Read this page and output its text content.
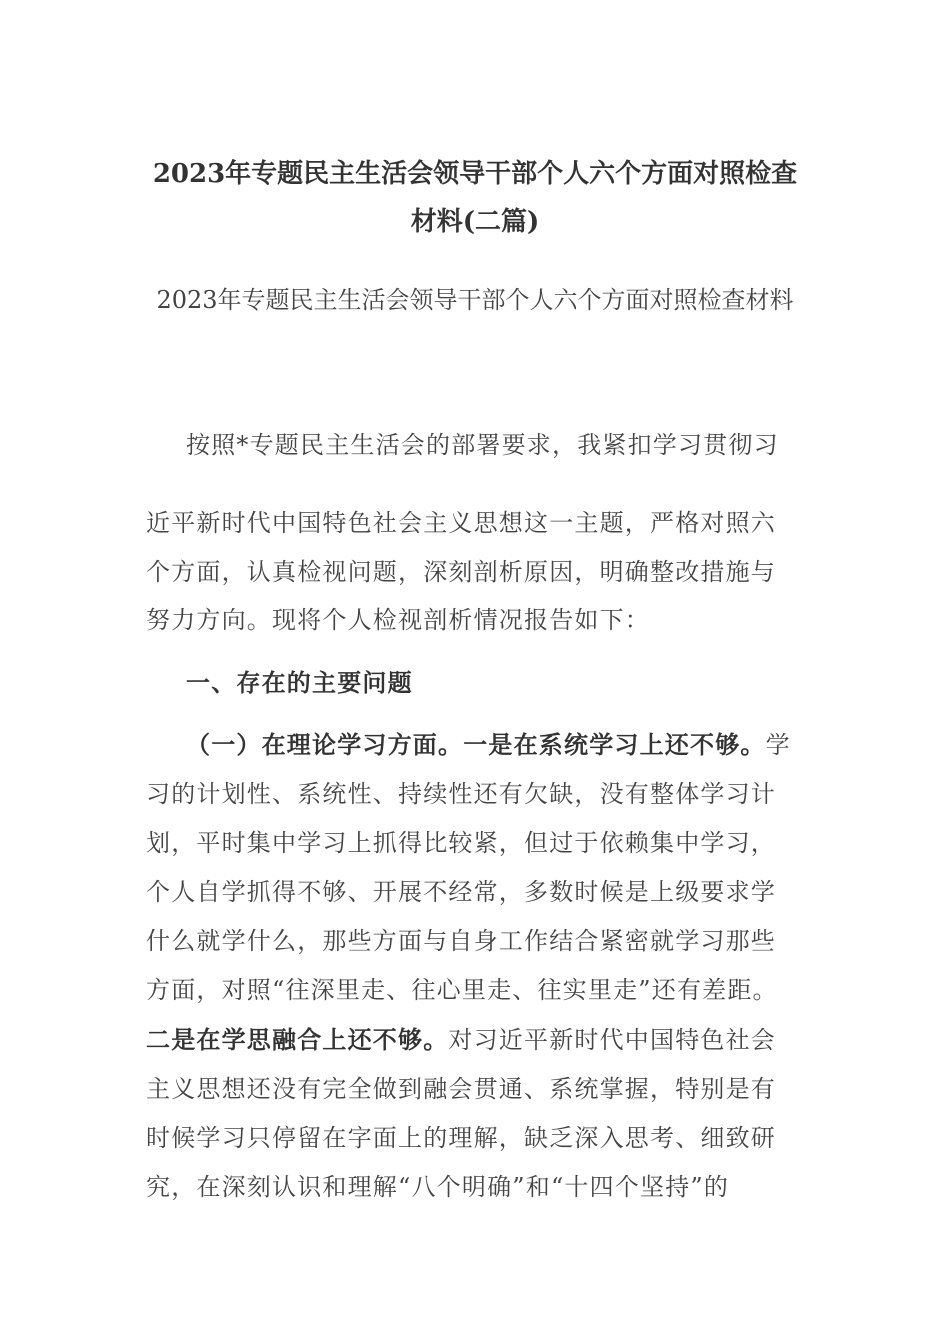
2023年专题民主生活会领导干部个人六个方面对照检查材料(二篇)
2023年专题民主生活会领导干部个人六个方面对照检查材料
按照*专题民主生活会的部署要求，我紧扣学习贯彻习
近平新时代中国特色社会主义思想这一主题，严格对照六
个方面，认真检视问题，深刻剖析原因，明确整改措施与
努力方向。现将个人检视剖析情况报告如下：
一、存在的主要问题
（一）在理论学习方面。一是在系统学习上还不够。学
习的计划性、系统性、持续性还有欠缺，没有整体学习计
划，平时集中学习上抓得比较紧，但过于依赖集中学习，
个人自学抓得不够、开展不经常，多数时候是上级要求学
什么就学什么，那些方面与自身工作结合紧密就学习那些
方面，对照“往深里走、往心里走、往实里走”还有差距。
二是在学思融合上还不够。对习近平新时代中国特色社会
主义思想还没有完全做到融会贯通、系统掌握，特别是有
时候学习只停留在字面上的理解，缺乏深入思考、细致研
究，在深刻认识和理解“八个明确”和“十四个坚持”的
